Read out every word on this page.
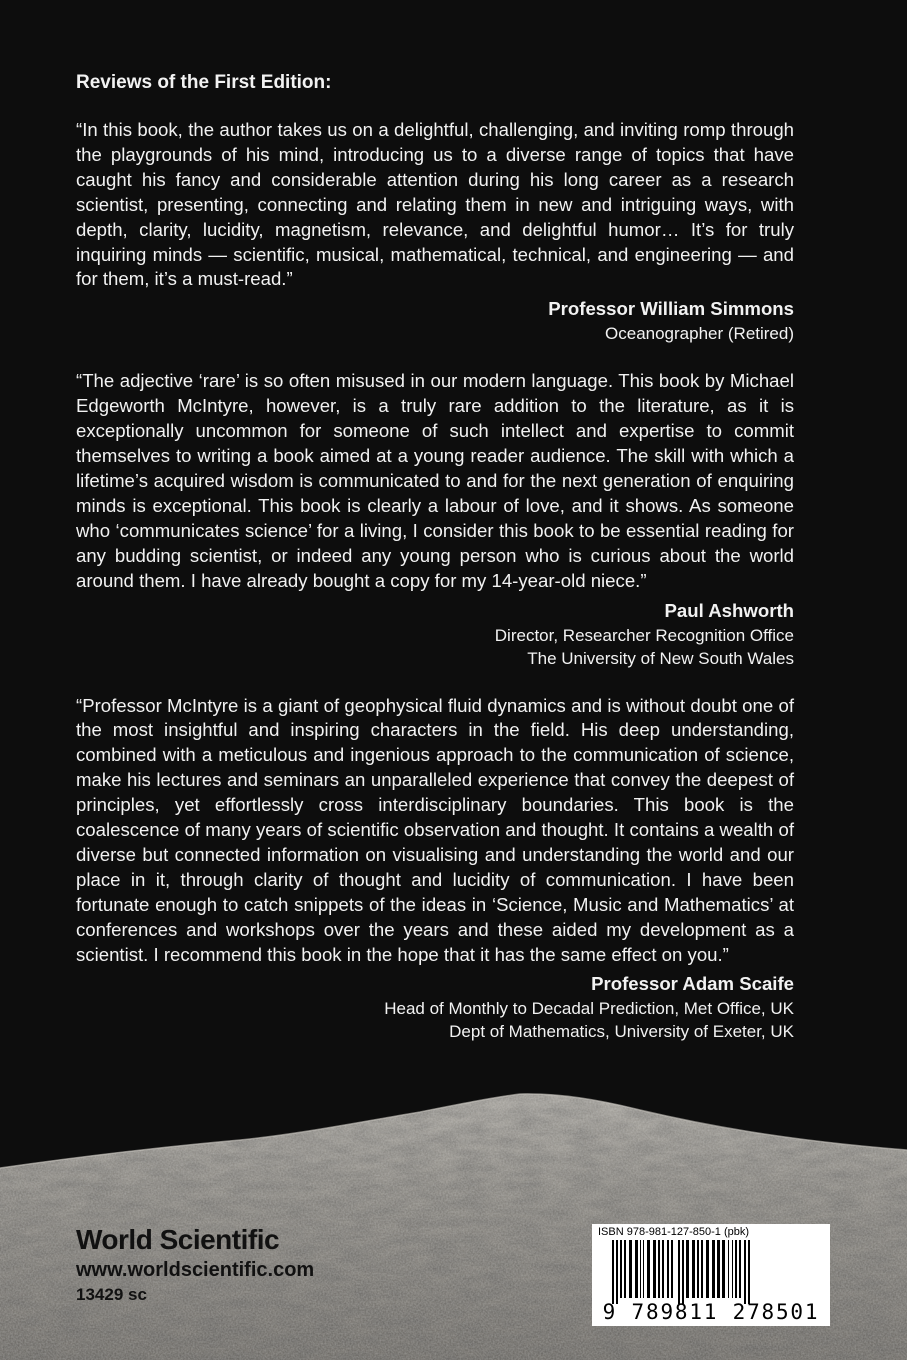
Reviews of the First Edition:

“In this book, the author takes us on a delightful, challenging, and inviting romp through the playgrounds of his mind, introducing us to a diverse range of topics that have caught his fancy and considerable attention during his long career as a research scientist, presenting, connecting and relating them in new and intriguing ways, with depth, clarity, lucidity, magnetism, relevance, and delightful humor… It’s for truly inquiring minds — scientific, musical, mathematical, technical, and engineering — and for them, it’s a must-read.”

Professor William Simmons
Oceanographer (Retired)

“The adjective ‘rare’ is so often misused in our modern language. This book by Michael Edgeworth McIntyre, however, is a truly rare addition to the literature, as it is exceptionally uncommon for someone of such intellect and expertise to commit themselves to writing a book aimed at a young reader audience. The skill with which a lifetime’s acquired wisdom is communicated to and for the next generation of enquiring minds is exceptional. This book is clearly a labour of love, and it shows. As someone who ‘communicates science’ for a living, I consider this book to be essential reading for any budding scientist, or indeed any young person who is curious about the world around them. I have already bought a copy for my 14-year-old niece.”

Paul Ashworth
Director, Researcher Recognition Office
The University of New South Wales

“Professor McIntyre is a giant of geophysical fluid dynamics and is without doubt one of the most insightful and inspiring characters in the field. His deep understanding, combined with a meticulous and ingenious approach to the communication of science, make his lectures and seminars an unparalleled experience that convey the deepest of principles, yet effortlessly cross interdisciplinary boundaries. This book is the coalescence of many years of scientific observation and thought. It contains a wealth of diverse but connected information on visualising and understanding the world and our place in it, through clarity of thought and lucidity of communication. I have been fortunate enough to catch snippets of the ideas in ‘Science, Music and Mathematics’ at conferences and workshops over the years and these aided my development as a scientist. I recommend this book in the hope that it has the same effect on you.”

Professor Adam Scaife
Head of Monthly to Decadal Prediction, Met Office, UK
Dept of Mathematics, University of Exeter, UK
World Scientific
www.worldscientific.com
13429 sc
ISBN 978-981-127-850-1 (pbk)
9 789811 278501
